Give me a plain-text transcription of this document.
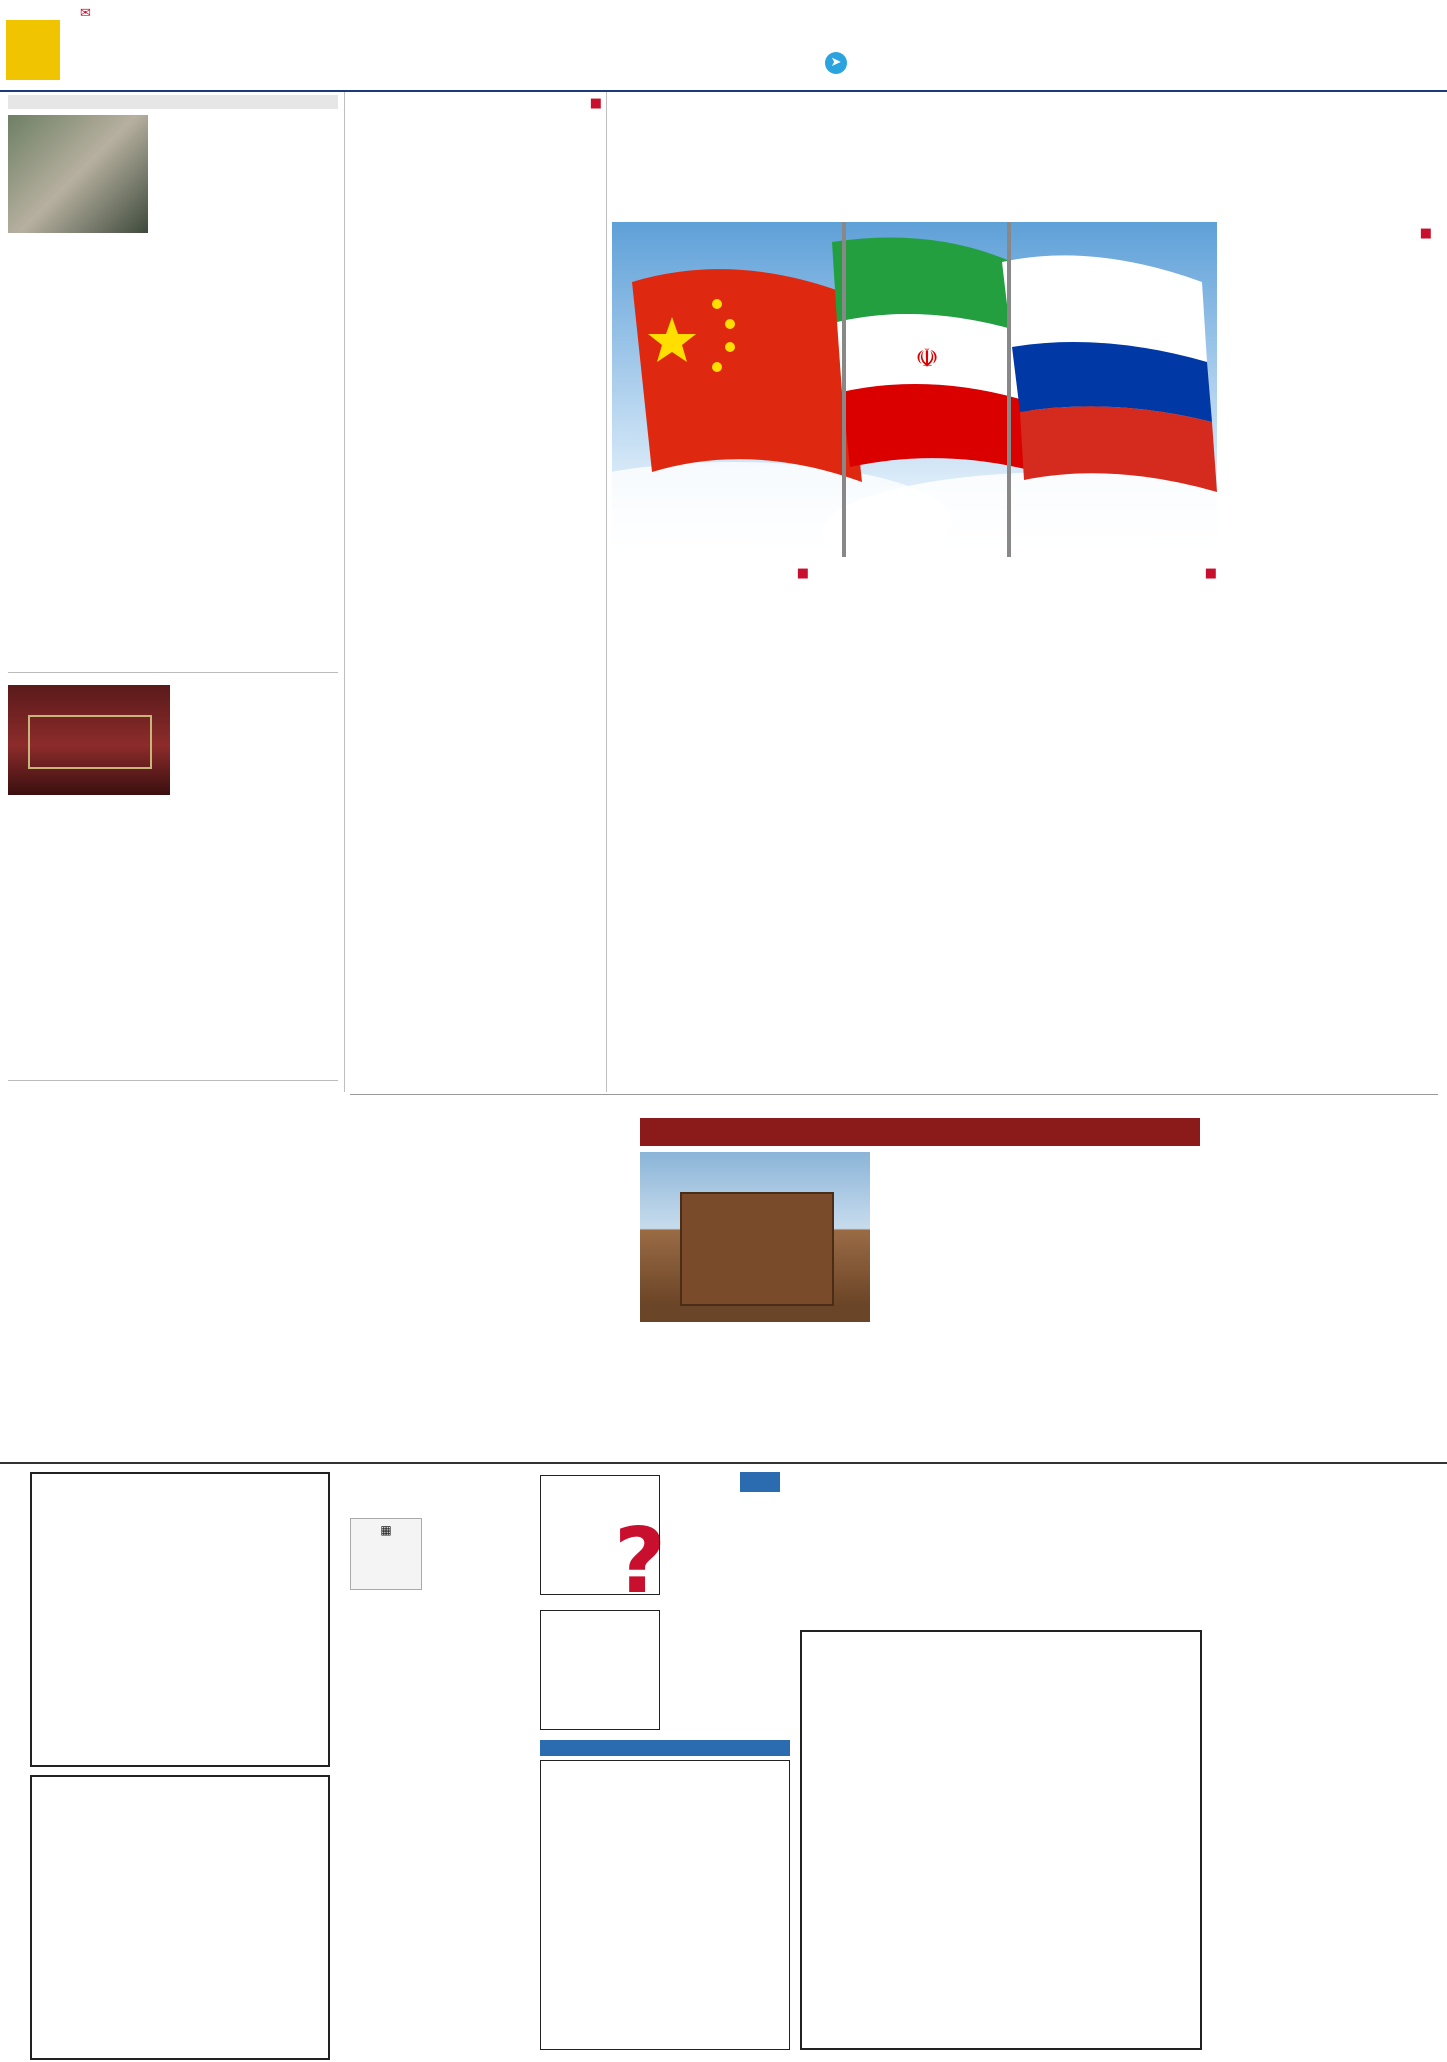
➤
✉
☫

■

■

■

■

?
▦
